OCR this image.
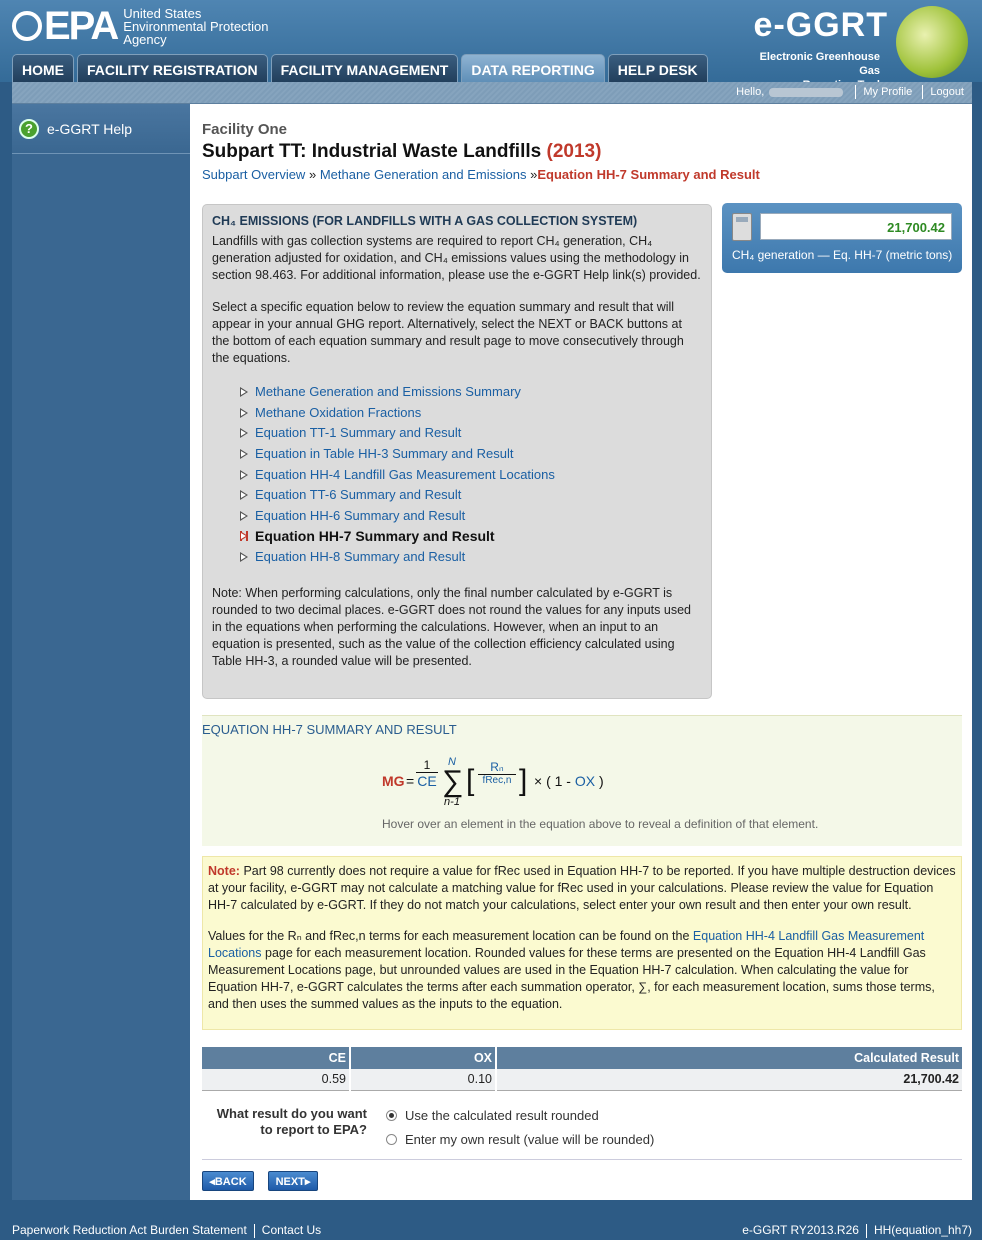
EPA United States
Environmental Protection
Agency	e-GGRT
Electronic Greenhouse Gas
HOME	FACILITY REGISTRATION	FACILITY MANAGEMENT	DATA REPORTING	HELP DESK
Hello,	My Profile Logout
?	e-GGRT Help	Facility One
Subpart TT: Industrial Waste Landfills (2013)
Subpart Overview » Methane Generation and Emissions »Equation HH-7 Summary and Result
CH₄ EMISSIONS (FOR LANDFILLS WITH A GAS COLLECTION SYSTEM)

Landfills with gas collection systems are required to report CH₄ generation, CH₄ generation adjusted for oxidation, and CH₄ emissions values using the methodology in section 98.463. For additional information, please use the e-GGRT Help link(s) provided.

Select a specific equation below to review the equation summary and result that will appear in your annual GHG report. Alternatively, select the NEXT or BACK buttons at the bottom of each equation summary and result page to move consecutively through the equations.

Methane Generation and Emissions Summary
Methane Oxidation Fractions
Equation TT-1 Summary and Result
Equation in Table HH-3 Summary and Result
Equation HH-4 Landfill Gas Measurement Locations
Equation TT-6 Summary and Result
Equation HH-6 Summary and Result
Equation HH-7 Summary and Result
Equation HH-8 Summary and Result

Note: When performing calculations, only the final number calculated by e-GGRT is rounded to two decimal places. e-GGRT does not round the values for any inputs used in the equations when performing the calculations. However, when an input to an equation is presented, such as the value of the collection efficiency calculated using Table HH-3, a rounded value will be presented.

21,700.42
CH₄ generation — Eq. HH-7 (metric tons)
EQUATION HH-7 SUMMARY AND RESULT
MG = $\frac{1}{CE}$ N
∑
n-1
[	Rₙ
fRec,n ] × ( 1 - OX )
Hover over an element in the equation above to reveal a definition of that element.

Note: Part 98 currently does not require a value for fRec used in Equation HH-7 to be reported. If you have multiple destruction devices at your facility, e-GGRT may not calculate a matching value for fRec used in your calculations. Please review the value for Equation HH-7 calculated by e-GGRT. If they do not match your calculations, select enter your own result and then enter your own result.

Values for the Rₙ and fRec,n terms for each measurement location can be found on the Equation HH-4 Landfill Gas Measurement Locations page for each measurement location. Rounded values for these terms are presented on the Equation HH-4 Landfill Gas Measurement Locations page, but unrounded values are used in the Equation HH-7 calculation. When calculating the value for Equation HH-7, e-GGRT calculates the terms after each summation operator, ∑, for each measurement location, sums those terms, and then uses the summed values as the inputs to the equation.

CE	OX	Calculated Result
0.59	0.10	21,700.42
What result do you want to report to EPA?
Use the calculated result rounded
Enter my own result (value will be rounded)
◂BACK	NEXT▸
Paperwork Reduction Act Burden Statement Contact Us	e-GGRT RY2013.R26 HH(equation_hh7)
